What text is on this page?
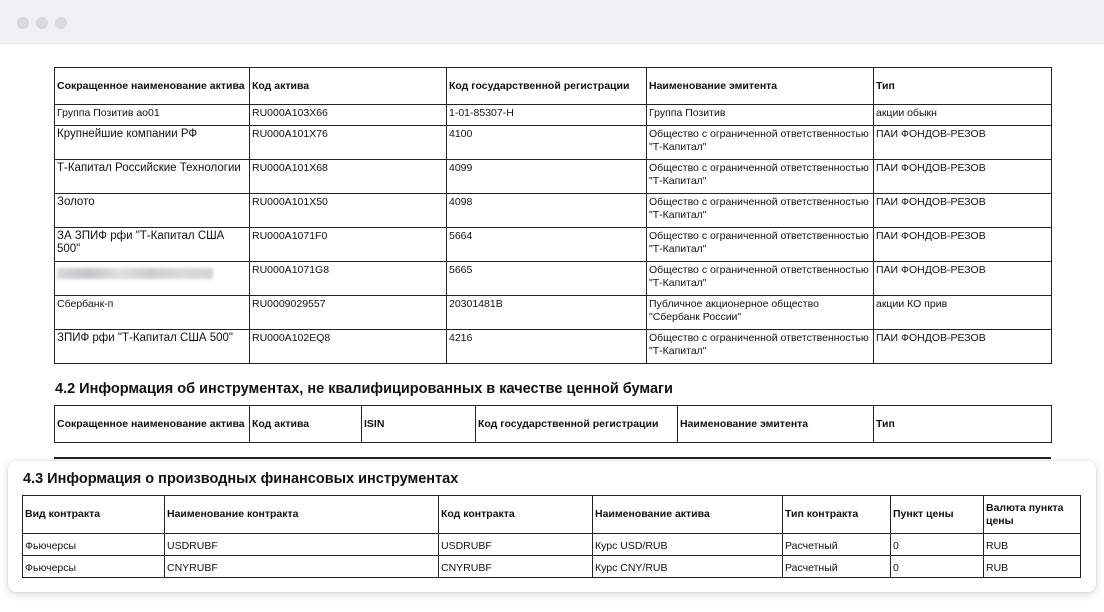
Сокращенное наименование актива	Код актива	Код государственной регистрации	Наименование эмитента	Тип
Группа Позитив ао01	RU000A103X66	1-01-85307-H	Группа Позитив	акции обыкн
Крупнейшие компании РФ	RU000A101X76	4100	Общество с ограниченной ответственностью "Т-Капитал"	ПАИ ФОНДОВ-РЕЗОВ
Т-Капитал Российские Технологии	RU000A101X68	4099	Общество с ограниченной ответственностью "Т-Капитал"	ПАИ ФОНДОВ-РЕЗОВ
Золото	RU000A101X50	4098	Общество с ограниченной ответственностью "Т-Капитал"	ПАИ ФОНДОВ-РЕЗОВ
ЗА ЗПИФ рфи "Т-Капитал США 500"	RU000A1071F0	5664	Общество с ограниченной ответственностью "Т-Капитал"	ПАИ ФОНДОВ-РЕЗОВ
	RU000A1071G8	5665	Общество с ограниченной ответственностью "Т-Капитал"	ПАИ ФОНДОВ-РЕЗОВ
Сбербанк-п	RU0009029557	20301481B	Публичное акционерное общество "Сбербанк России"	акции КО прив
ЗПИФ рфи "Т-Капитал США 500"	RU000A102EQ8	4216	Общество с ограниченной ответственностью "Т-Капитал"	ПАИ ФОНДОВ-РЕЗОВ
4.2 Информация об инструментах, не квалифицированных в качестве ценной бумаги
Сокращенное наименование актива	Код актива	ISIN	Код государственной регистрации	Наименование эмитента	Тип
4.3 Информация о производных финансовых инструментах
Вид контракта	Наименование контракта	Код контракта	Наименование актива	Тип контракта	Пункт цены	Валюта пункта цены
Фьючерсы	USDRUBF	USDRUBF	Курс USD/RUB	Расчетный	0	RUB
Фьючерсы	CNYRUBF	CNYRUBF	Курс CNY/RUB	Расчетный	0	RUB
